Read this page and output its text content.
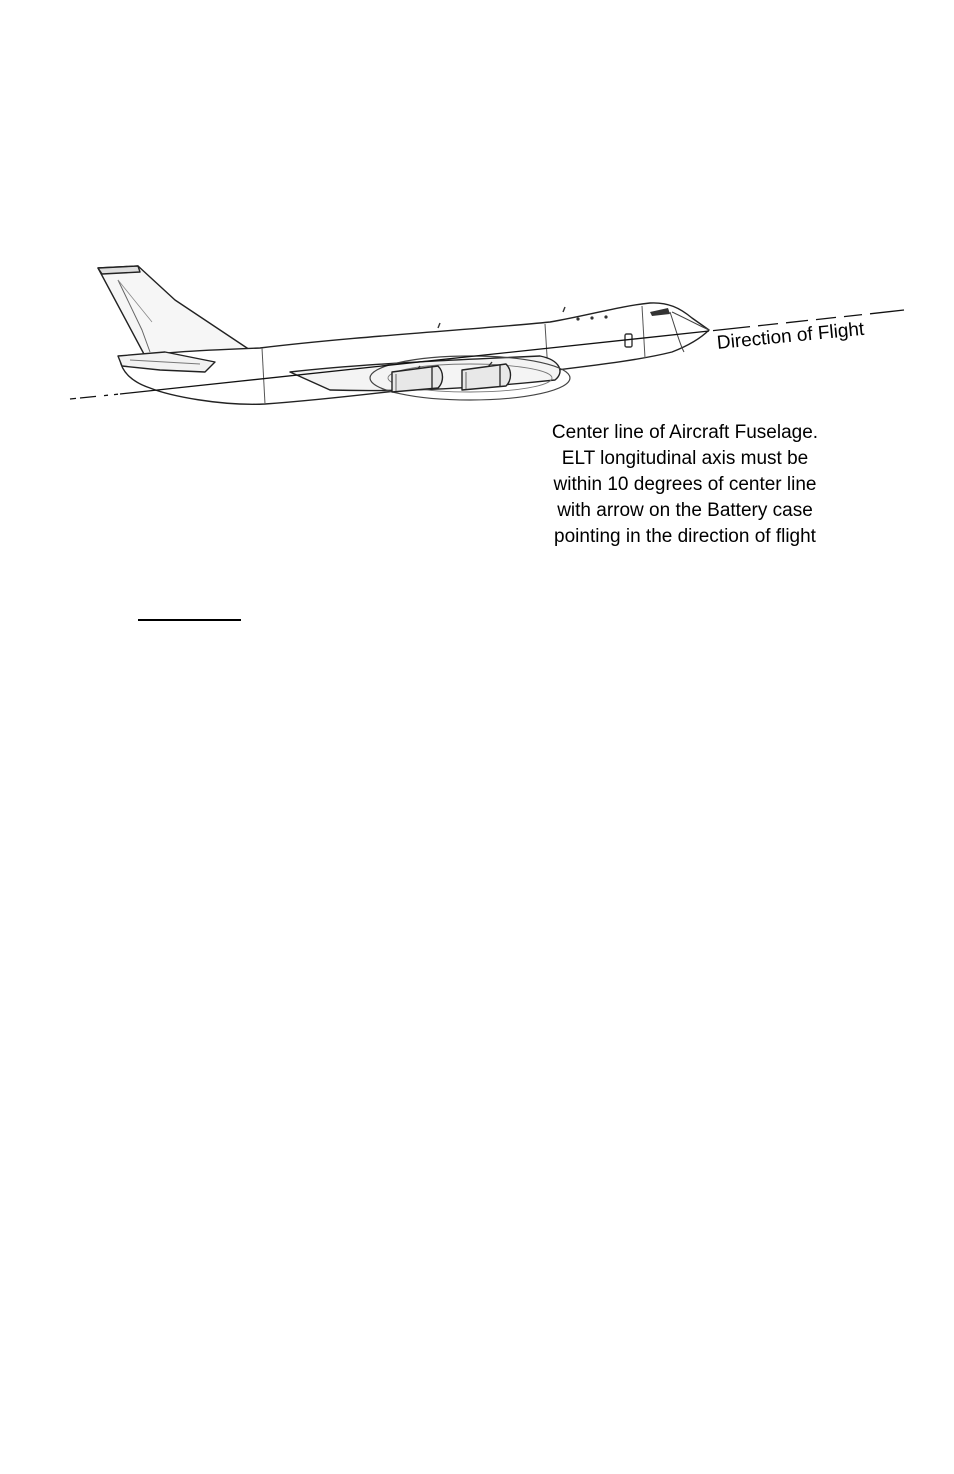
Direction of Flight
Center line of Aircraft Fuselage.
ELT longitudinal axis must be
within 10 degrees of center line
with arrow on the Battery case
pointing in the direction of flight
